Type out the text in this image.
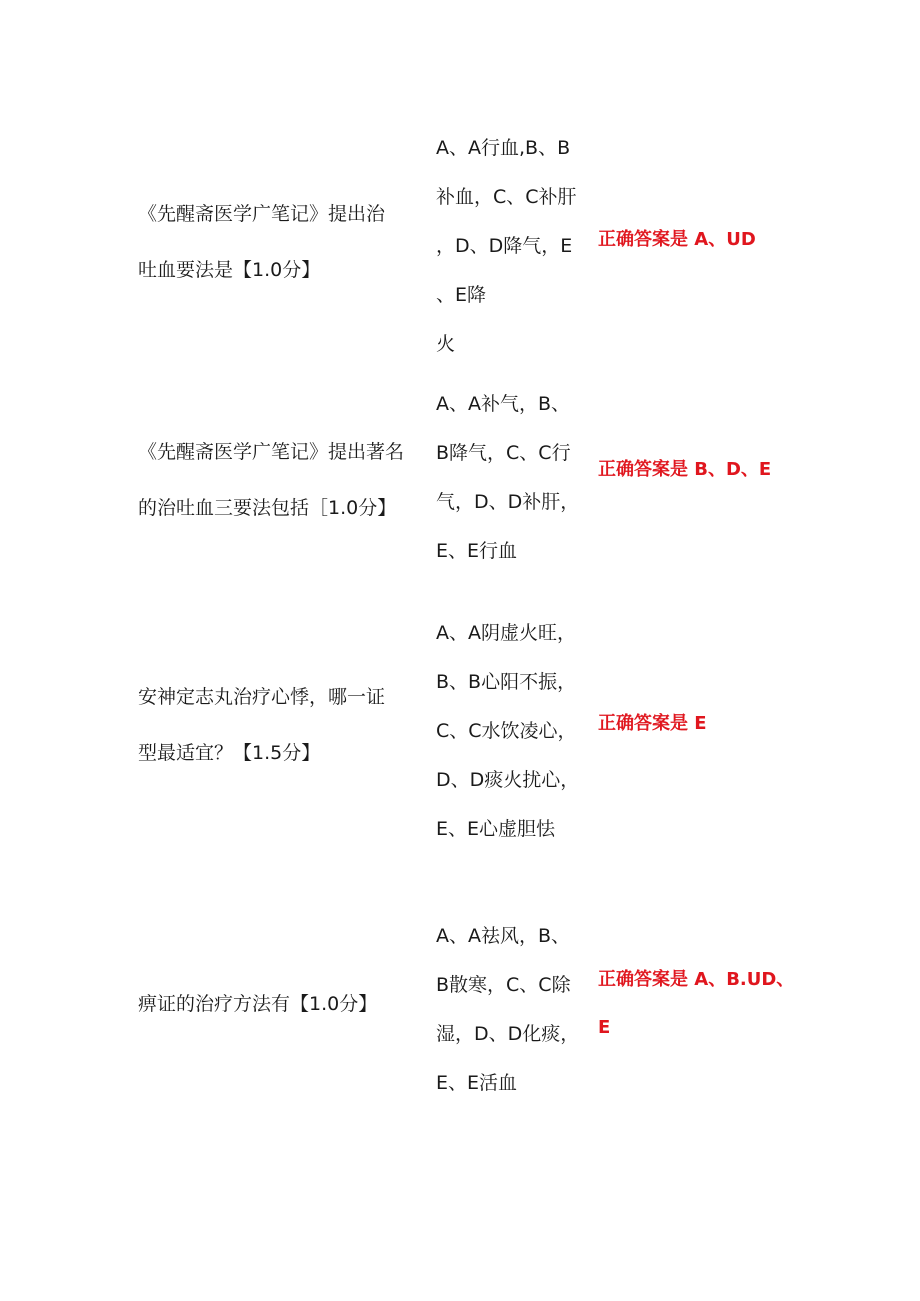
《先醒斋医学广笔记》提出治
吐血要法是【1.0分】
A、A行血,B、B
补血，C、C补肝
，D、D降气，E
、E降
火
正确答案是 A、UD
《先醒斋医学广笔记》提出著名
的治吐血三要法包括［1.0分】
A、A补气，B、
B降气，C、C行
气，D、D补肝，
E、E行血
正确答案是 B、D、E
安神定志丸治疗心悸，哪一证
型最适宜？【1.5分】
A、A阴虚火旺，
B、B心阳不振，
C、C水饮凌心，
D、D痰火扰心，
E、E心虚胆怯
正确答案是 E
痹证的治疗方法有【1.0分】
A、A祛风，B、
B散寒，C、C除
湿，D、D化痰，
E、E活血
正确答案是 A、B.UD、
E
